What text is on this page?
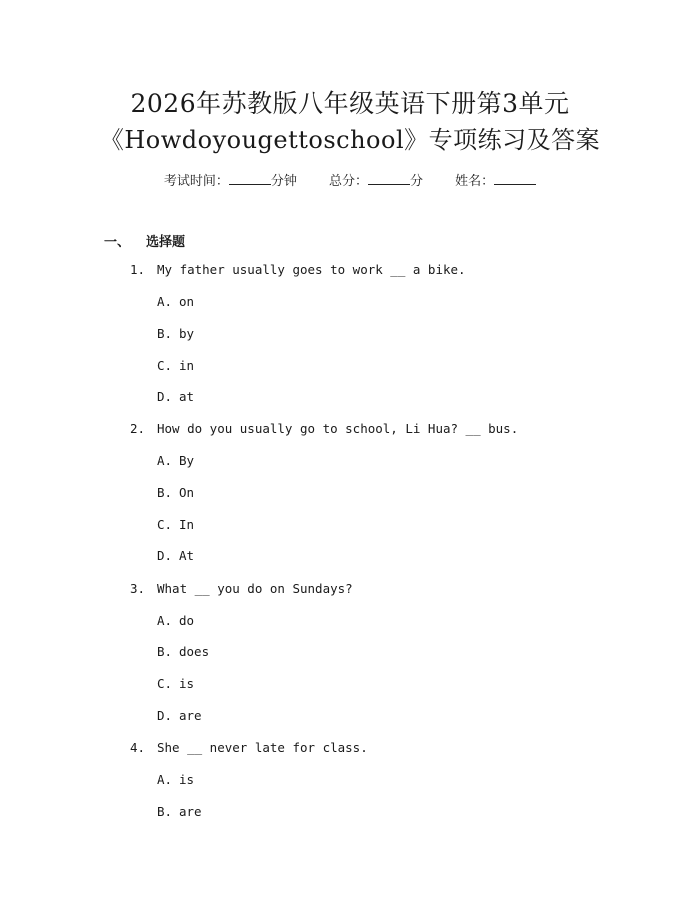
2026年苏教版八年级英语下册第3单元
《Howdoyougettoschool》专项练习及答案
考试时间：	分钟 总分：	分 姓名：
一、 选择题
1. My father usually goes to work __ a bike.
A. on
B. by
C. in
D. at
2. How do you usually go to school, Li Hua? __ bus.
A. By
B. On
C. In
D. At
3. What __ you do on Sundays?
A. do
B. does
C. is
D. are
4. She __ never late for class.
A. is
B. are
